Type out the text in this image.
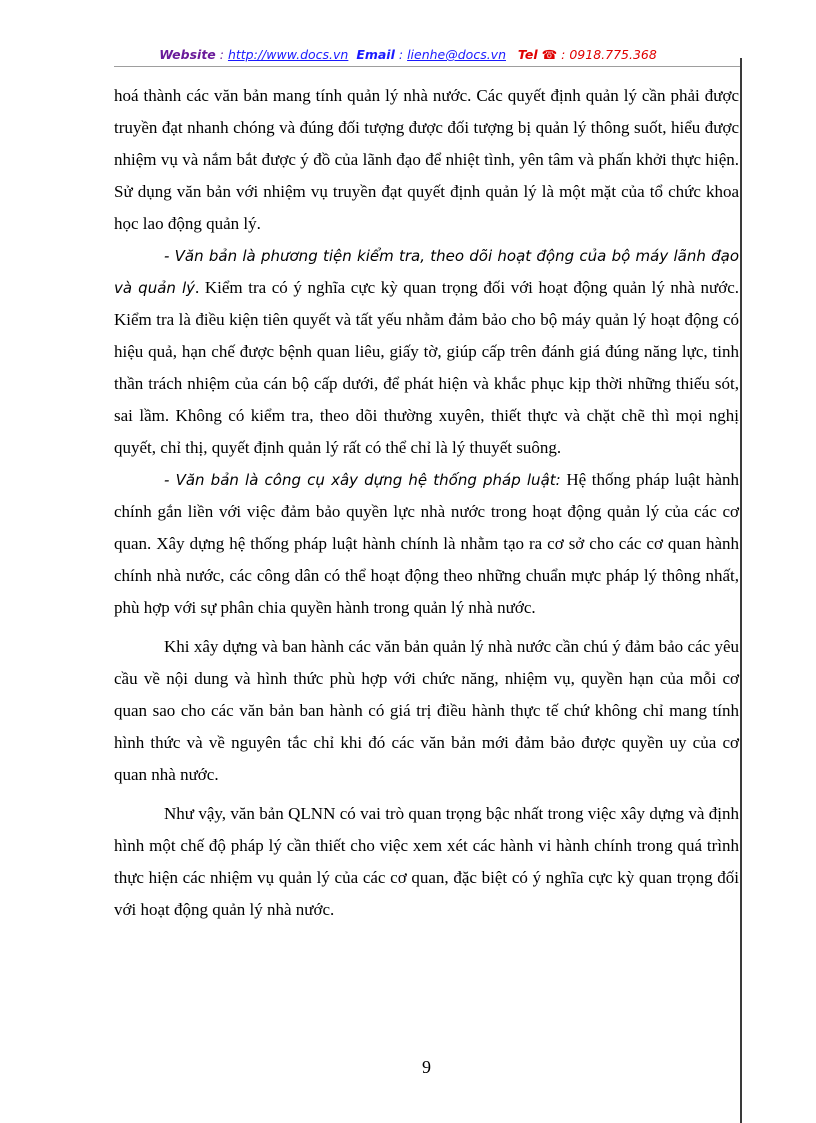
Website : http://www.docs.vn Email : lienhe@docs.vn Tel ☎ : 0918.775.368

hoá thành các văn bản mang tính quản lý nhà nước. Các quyết định quản lý cần phải được truyền đạt nhanh chóng và đúng đối tượng được đối tượng bị quản lý thông suốt, hiểu được nhiệm vụ và nắm bắt được ý đồ của lãnh đạo để nhiệt tình, yên tâm và phấn khởi thực hiện. Sử dụng văn bản với nhiệm vụ truyền đạt quyết định quản lý là một mặt của tổ chức khoa học lao động quản lý.

- Văn bản là phương tiện kiểm tra, theo dõi hoạt động của bộ máy lãnh đạo và quản lý. Kiểm tra có ý nghĩa cực kỳ quan trọng đối với hoạt động quản lý nhà nước. Kiểm tra là điều kiện tiên quyết và tất yếu nhằm đảm bảo cho bộ máy quản lý hoạt động có hiệu quả, hạn chế được bệnh quan liêu, giấy tờ, giúp cấp trên đánh giá đúng năng lực, tinh thần trách nhiệm của cán bộ cấp dưới, để phát hiện và khắc phục kịp thời những thiếu sót, sai lầm. Không có kiểm tra, theo dõi thường xuyên, thiết thực và chặt chẽ thì mọi nghị quyết, chỉ thị, quyết định quản lý rất có thể chỉ là lý thuyết suông.

- Văn bản là công cụ xây dựng hệ thống pháp luật: Hệ thống pháp luật hành chính gắn liền với việc đảm bảo quyền lực nhà nước trong hoạt động quản lý của các cơ quan. Xây dựng hệ thống pháp luật hành chính là nhằm tạo ra cơ sở cho các cơ quan hành chính nhà nước, các công dân có thể hoạt động theo những chuẩn mực pháp lý thông nhất, phù hợp với sự phân chia quyền hành trong quản lý nhà nước.

Khi xây dựng và ban hành các văn bản quản lý nhà nước cần chú ý đảm bảo các yêu cầu về nội dung và hình thức phù hợp với chức năng, nhiệm vụ, quyền hạn của mỗi cơ quan sao cho các văn bản ban hành có giá trị điều hành thực tế chứ không chỉ mang tính hình thức và về nguyên tắc chỉ khi đó các văn bản mới đảm bảo được quyền uy của cơ quan nhà nước.

Như vậy, văn bản QLNN có vai trò quan trọng bậc nhất trong việc xây dựng và định hình một chế độ pháp lý cần thiết cho việc xem xét các hành vi hành chính trong quá trình thực hiện các nhiệm vụ quản lý của các cơ quan, đặc biệt có ý nghĩa cực kỳ quan trọng đối với hoạt động quản lý nhà nước.

9
